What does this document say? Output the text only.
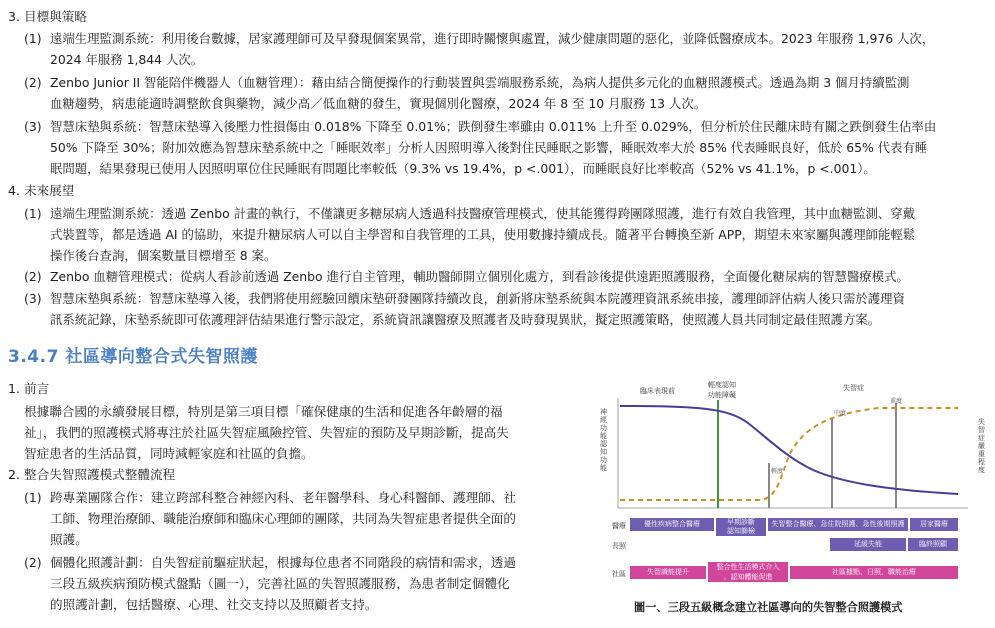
3. 目標與策略
(1) 遠端生理監測系統：利用後台數據，居家護理師可及早發現個案異常，進行即時關懷與處置，減少健康問題的惡化，並降低醫療成本。2023 年服務 1,976 人次，
2024 年服務 1,844 人次。
(2) Zenbo Junior II 智能陪伴機器人（血糖管理）：藉由結合簡便操作的行動裝置與雲端服務系統，為病人提供多元化的血糖照護模式。透過為期 3 個月持續監測
血糖趨勢，病患能適時調整飲食與藥物，減少高／低血糖的發生，實現個別化醫療，2024 年 8 至 10 月服務 13 人次。
(3) 智慧床墊與系統：智慧床墊導入後壓力性損傷由 0.018% 下降至 0.01%；跌倒發生率雖由 0.011% 上升至 0.029%，但分析於住民離床時有關之跌倒發生佔率由
50% 下降至 30%；附加效應為智慧床墊系統中之「睡眠效率」分析人因照明導入後對住民睡眠之影響，睡眠效率大於 85% 代表睡眠良好，低於 65% 代表有睡
眠問題，結果發現已使用人因照明單位住民睡眠有問題比率較低（9.3% vs 19.4%，p <.001），而睡眠良好比率較高（52% vs 41.1%，p <.001）。
4. 未來展望
(1) 遠端生理監測系統：透過 Zenbo 計畫的執行，不僅讓更多糖尿病人透過科技醫療管理模式，使其能獲得跨團隊照護，進行有效自我管理，其中血糖監測、穿戴
式裝置等，都是透過 AI 的協助，來提升糖尿病人可以自主學習和自我管理的工具，使用數據持續成長。隨著平台轉換至新 APP，期望未來家屬與護理師能輕鬆
操作後台查詢，個案數量目標增至 8 案。
(2) Zenbo 血糖管理模式：從病人看診前透過 Zenbo 進行自主管理，輔助醫師開立個別化處方，到看診後提供遠距照護服務，全面優化糖尿病的智慧醫療模式。
(3) 智慧床墊與系統：智慧床墊導入後，我們將使用經驗回饋床墊研發團隊持續改良，創新將床墊系統與本院護理資訊系統串接，護理師評估病人後只需於護理資
訊系統記錄，床墊系統即可依護理評估結果進行警示設定，系統資訊讓醫療及照護者及時發現異狀，擬定照護策略，使照護人員共同制定最佳照護方案。
3.4.7 社區導向整合式失智照護
1. 前言
根據聯合國的永續發展目標，特別是第三項目標「確保健康的生活和促進各年齡層的福
祉」，我們的照護模式將專注於社區失智症風險控管、失智症的預防及早期診斷，提高失
智症患者的生活品質，同時減輕家庭和社區的負擔。
2. 整合失智照護模式整體流程
(1) 跨專業團隊合作：建立跨部科整合神經內科、老年醫學科、身心科醫師、護理師、社
工師、物理治療師、職能治療師和臨床心理師的團隊，共同為失智症患者提供全面的
照護。
(2) 個體化照護計劃：自失智症前驅症狀起，根據每位患者不同階段的病情和需求，透過
三段五級疾病預防模式盤點（圖一），完善社區的失智照護服務，為患者制定個體化
的照護計劃，包括醫療、心理、社交支持以及照顧者支持。
臨床表現前
輕度認知
功能障礙
失智症
神經功能認知功能
失智症嚴重程度
輕度
中度
重度
醫療
長照
社區
優性疾病整合醫療	早期診斷
認知篩檢
失智整合醫療、急住院照護、急性後期照護	居家醫療
延緩失能	臨終照顧
失智識能提升
整合性生活模式介入
、認知體能促進
社區據點、日照、職能治療
圖一、三段五級概念建立社區導向的失智整合照護模式
